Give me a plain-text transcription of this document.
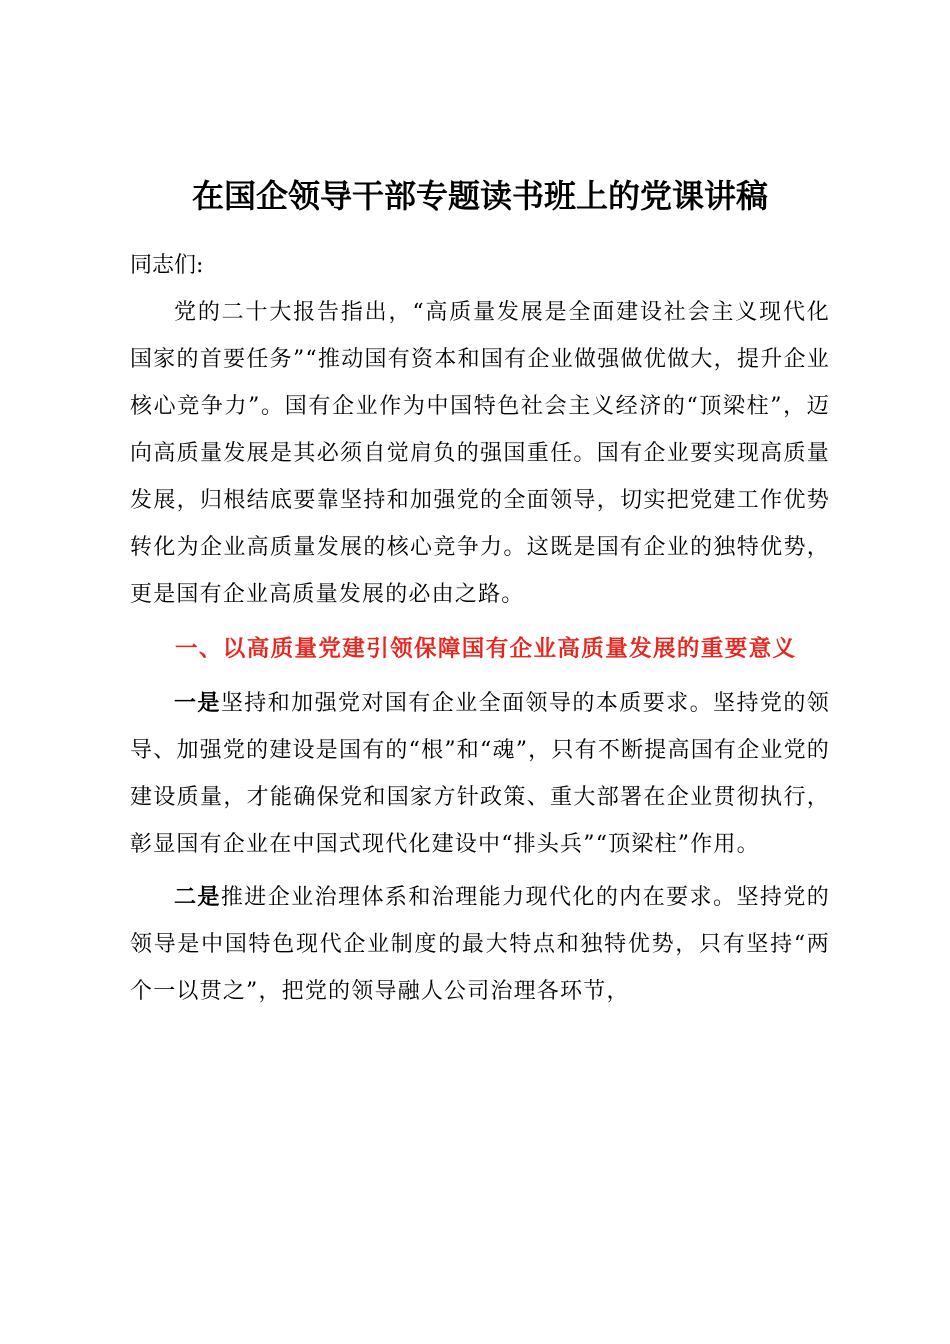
在国企领导干部专题读书班上的党课讲稿

同志们:

党的二十大报告指出，“高质量发展是全面建设社会主义现代化国家的首要任务”“推动国有资本和国有企业做强做优做大，提升企业核心竞争力”。国有企业作为中国特色社会主义经济的“顶梁柱”，迈向高质量发展是其必须自觉肩负的强国重任。国有企业要实现高质量发展，归根结底要靠坚持和加强党的全面领导，切实把党建工作优势转化为企业高质量发展的核心竞争力。这既是国有企业的独特优势，更是国有企业高质量发展的必由之路。

一、以高质量党建引领保障国有企业高质量发展的重要意义

一是坚持和加强党对国有企业全面领导的本质要求。坚持党的领导、加强党的建设是国有的“根”和“魂”，只有不断提高国有企业党的建设质量，才能确保党和国家方针政策、重大部署在企业贯彻执行，彰显国有企业在中国式现代化建设中“排头兵”“顶梁柱”作用。

二是推进企业治理体系和治理能力现代化的内在要求。坚持党的领导是中国特色现代企业制度的最大特点和独特优势，只有坚持“两个一以贯之”，把党的领导融人公司治理各环节，
